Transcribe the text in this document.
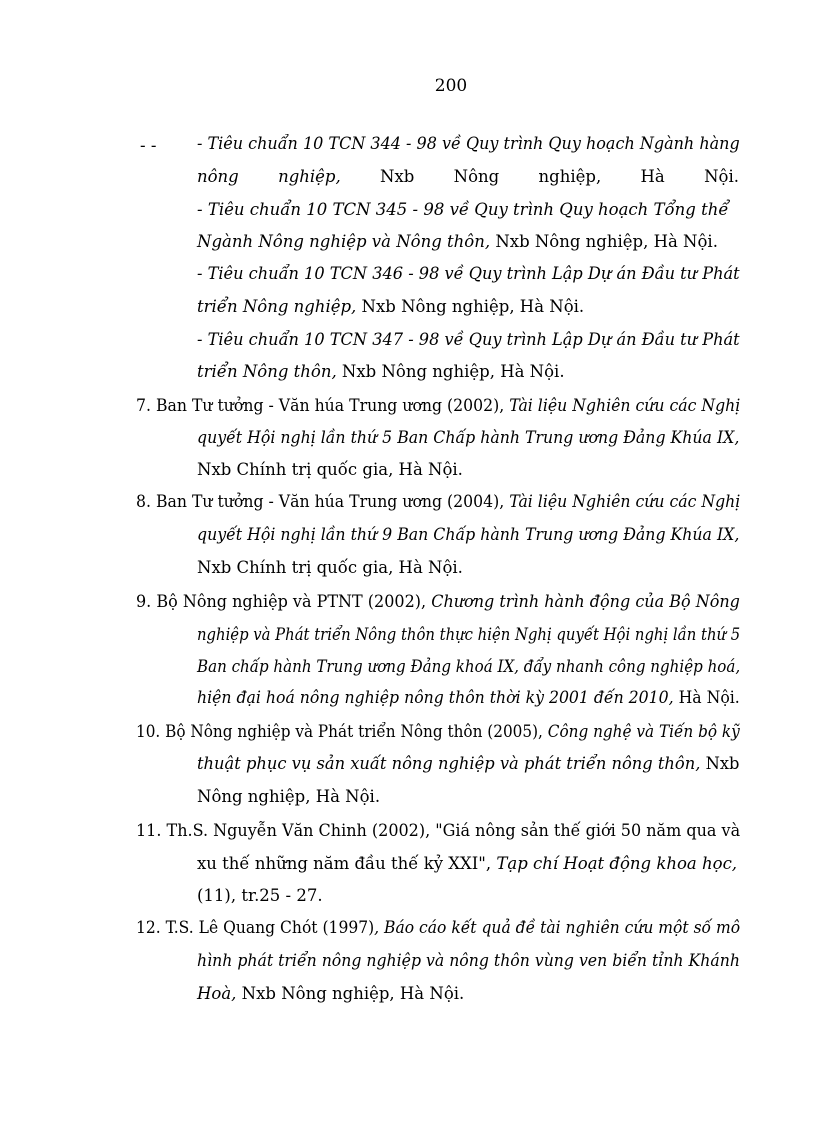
200
- - - Tiêu chuẩn 10 TCN 344 - 98 về Quy trình Quy hoạch Ngành hàng
nông nghiệp, Nxb Nông nghiệp, Hà Nội.
- Tiêu chuẩn 10 TCN 345 - 98 về Quy trình Quy hoạch Tổng thể
Ngành Nông nghiệp và Nông thôn, Nxb Nông nghiệp, Hà Nội.
- Tiêu chuẩn 10 TCN 346 - 98 về Quy trình Lập Dự án Đầu tư Phát
triển Nông nghiệp, Nxb Nông nghiệp, Hà Nội.
- Tiêu chuẩn 10 TCN 347 - 98 về Quy trình Lập Dự án Đầu tư Phát
triển Nông thôn, Nxb Nông nghiệp, Hà Nội.
7. Ban Tư tưởng - Văn húa Trung ương (2002), Tài liệu Nghiên cứu các Nghị
quyết Hội nghị lần thứ 5 Ban Chấp hành Trung ương Đảng Khúa IX,
Nxb Chính trị quốc gia, Hà Nội.
8. Ban Tư tưởng - Văn húa Trung ương (2004), Tài liệu Nghiên cứu các Nghị
quyết Hội nghị lần thứ 9 Ban Chấp hành Trung ương Đảng Khúa IX,
Nxb Chính trị quốc gia, Hà Nội.
9. Bộ Nông nghiệp và PTNT (2002), Chương trình hành động của Bộ Nông
nghiệp và Phát triển Nông thôn thực hiện Nghị quyết Hội nghị lần thứ 5
Ban chấp hành Trung ương Đảng khoá IX, đẩy nhanh công nghiệp hoá,
hiện đại hoá nông nghiệp nông thôn thời kỳ 2001 đến 2010, Hà Nội.
10. Bộ Nông nghiệp và Phát triển Nông thôn (2005), Công nghệ và Tiến bộ kỹ
thuật phục vụ sản xuất nông nghiệp và phát triển nông thôn, Nxb
Nông nghiệp, Hà Nội.
11. Th.S. Nguyễn Văn Chinh (2002), "Giá nông sản thế giới 50 năm qua và
xu thế những năm đầu thế kỷ XXI", Tạp chí Hoạt động khoa học,
(11), tr.25 - 27.
12. T.S. Lê Quang Chót (1997), Báo cáo kết quả đề tài nghiên cứu một số mô
hình phát triển nông nghiệp và nông thôn vùng ven biển tỉnh Khánh
Hoà, Nxb Nông nghiệp, Hà Nội.
